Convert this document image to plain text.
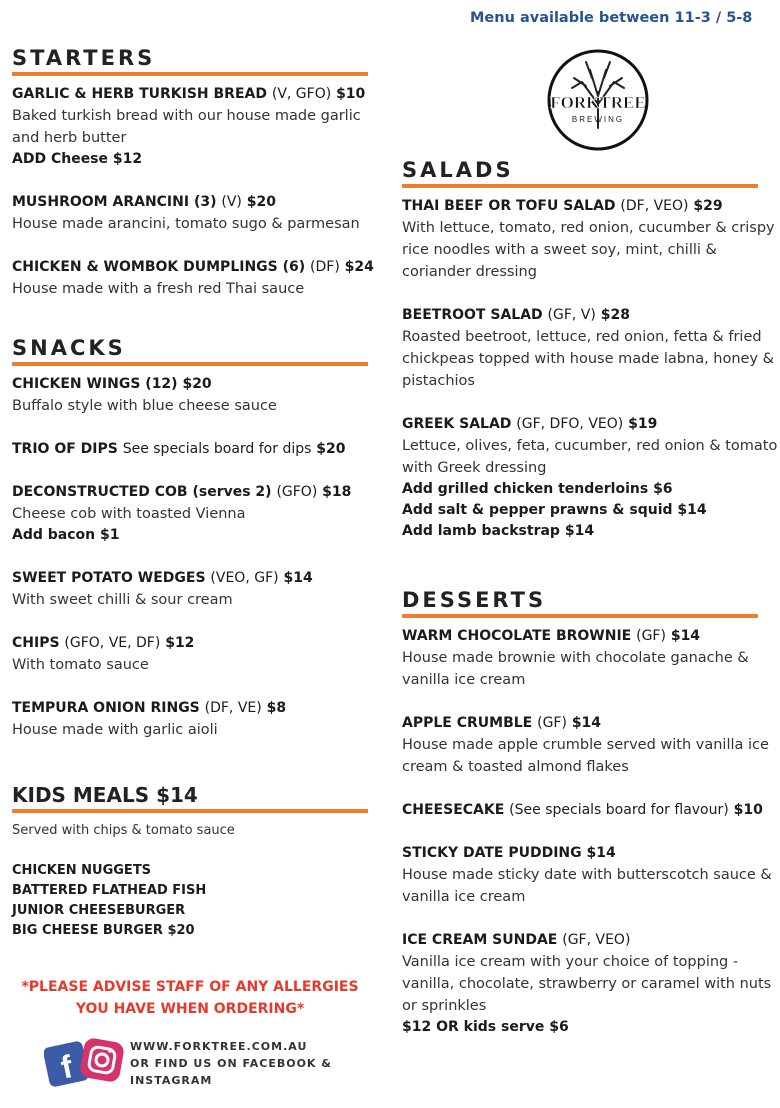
Menu available between 11-3 / 5-8
FORKTREE
BREWING
STARTERS
GARLIC & HERB TURKISH BREAD (V, GFO) $10
Baked turkish bread with our house made garlic and herb butter
ADD Cheese $12
MUSHROOM ARANCINI (3) (V) $20
House made arancini, tomato sugo & parmesan
CHICKEN & WOMBOK DUMPLINGS (6) (DF) $24
House made with a fresh red Thai sauce
SNACKS
CHICKEN WINGS (12) $20
Buffalo style with blue cheese sauce
TRIO OF DIPS See specials board for dips $20
DECONSTRUCTED COB (serves 2) (GFO) $18
Cheese cob with toasted Vienna
Add bacon $1
SWEET POTATO WEDGES (VEO, GF) $14
With sweet chilli & sour cream
CHIPS (GFO, VE, DF) $12
With tomato sauce
TEMPURA ONION RINGS (DF, VE) $8
House made with garlic aioli
KIDS MEALS $14

Served with chips & tomato sauce

CHICKEN NUGGETS
BATTERED FLATHEAD FISH
JUNIOR CHEESEBURGER
BIG CHEESE BURGER $20
SALADS
THAI BEEF OR TOFU SALAD (DF, VEO) $29
With lettuce, tomato, red onion, cucumber & crispy rice noodles with a sweet soy, mint, chilli & coriander dressing
BEETROOT SALAD (GF, V) $28
Roasted beetroot, lettuce, red onion, fetta & fried chickpeas topped with house made labna, honey & pistachios
GREEK SALAD (GF, DFO, VEO) $19
Lettuce, olives, feta, cucumber, red onion & tomato with Greek dressing
Add grilled chicken tenderloins $6
Add salt & pepper prawns & squid $14
Add lamb backstrap $14
DESSERTS
WARM CHOCOLATE BROWNIE (GF) $14
House made brownie with chocolate ganache & vanilla ice cream
APPLE CRUMBLE (GF) $14
House made apple crumble served with vanilla ice cream & toasted almond flakes
CHEESECAKE (See specials board for flavour) $10
STICKY DATE PUDDING $14
House made sticky date with butterscotch sauce & vanilla ice cream
ICE CREAM SUNDAE (GF, VEO)
Vanilla ice cream with your choice of topping - vanilla, chocolate, strawberry or caramel with nuts or sprinkles
$12 OR kids serve $6
*PLEASE ADVISE STAFF OF ANY ALLERGIES
YOU HAVE WHEN ORDERING*
f
WWW.FORKTREE.COM.AU
OR FIND US ON FACEBOOK &
INSTAGRAM
